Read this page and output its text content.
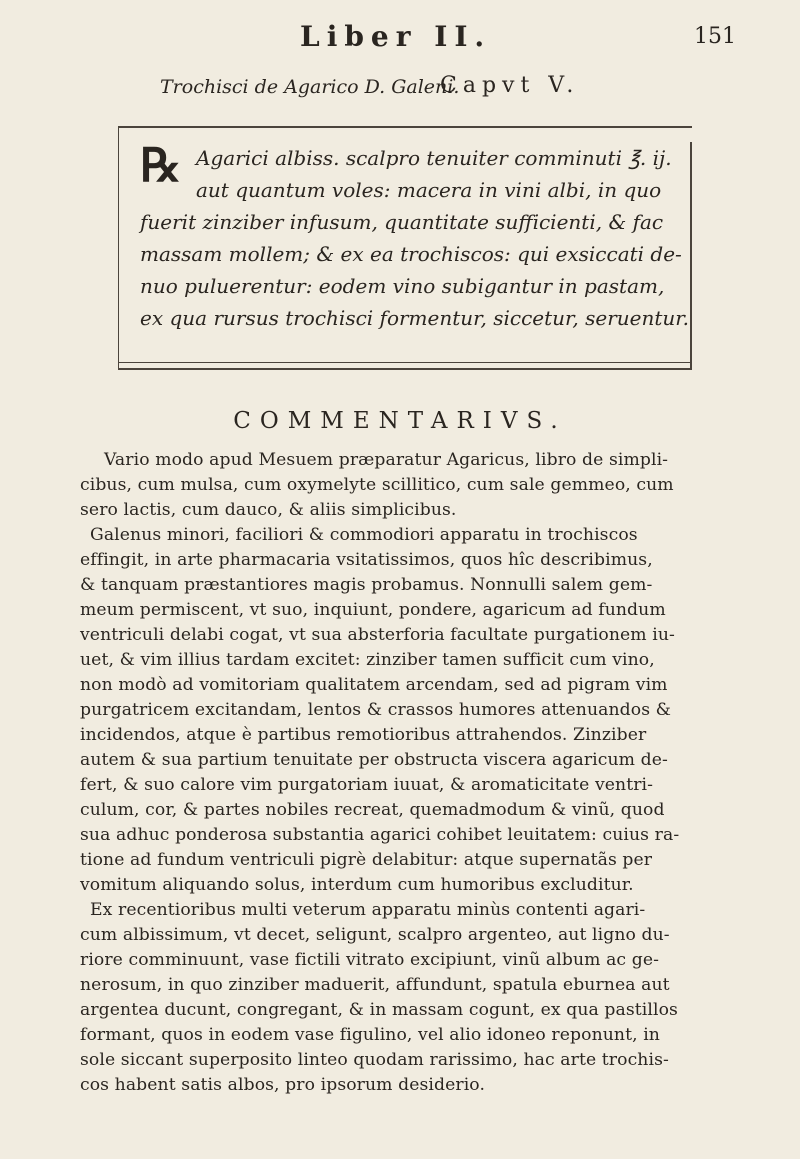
Liber II.	151
Trochisci de Agarico D. Galeni.
Capvt V.
℞ Agarici albiss. scalpro tenuiter comminuti ℥. ij.
aut quantum voles: macera in vini albi, in quo
fuerit zinziber infusum, quantitate sufficienti, & fac
massam mollem; & ex ea trochiscos: qui exsiccati de-
nuo puluerentur: eodem vino subigantur in pastam,
ex qua rursus trochisci formentur, siccetur, seruentur.
COMMENTARIVS.
Vario modo apud Mesuem præparatur Agaricus, libro de simpli-
cibus, cum mulsa, cum oxymelyte scillitico, cum sale gemmeo, cum
sero lactis, cum dauco, & aliis simplicibus.
Galenus minori, faciliori & commodiori apparatu in trochiscos
effingit, in arte pharmacaria vsitatissimos, quos hîc describimus,
& tanquam præstantiores magis probamus. Nonnulli salem gem-
meum permiscent, vt suo, inquiunt, pondere, agaricum ad fundum
ventriculi delabi cogat, vt sua absterforia facultate purgationem iu-
uet, & vim illius tardam excitet: zinziber tamen sufficit cum vino,
non modò ad vomitoriam qualitatem arcendam, sed ad pigram vim
purgatricem excitandam, lentos & crassos humores attenuandos &
incidendos, atque è partibus remotioribus attrahendos. Zinziber
autem & sua partium tenuitate per obstructa viscera agaricum de-
fert, & suo calore vim purgatoriam iuuat, & aromaticitate ventri-
culum, cor, & partes nobiles recreat, quemadmodum & vinũ, quod
sua adhuc ponderosa substantia agarici cohibet leuitatem: cuius ra-
tione ad fundum ventriculi pigrè delabitur: atque supernatãs per
vomitum aliquando solus, interdum cum humoribus excluditur.
Ex recentioribus multi veterum apparatu minùs contenti agari-
cum albissimum, vt decet, seligunt, scalpro argenteo, aut ligno du-
riore comminuunt, vase fictili vitrato excipiunt, vinũ album ac ge-
nerosum, in quo zinziber maduerit, affundunt, spatula eburnea aut
argentea ducunt, congregant, & in massam cogunt, ex qua pastillos
formant, quos in eodem vase figulino, vel alio idoneo reponunt, in
sole siccant superposito linteo quodam rarissimo, hac arte trochis-
cos habent satis albos, pro ipsorum desiderio.
